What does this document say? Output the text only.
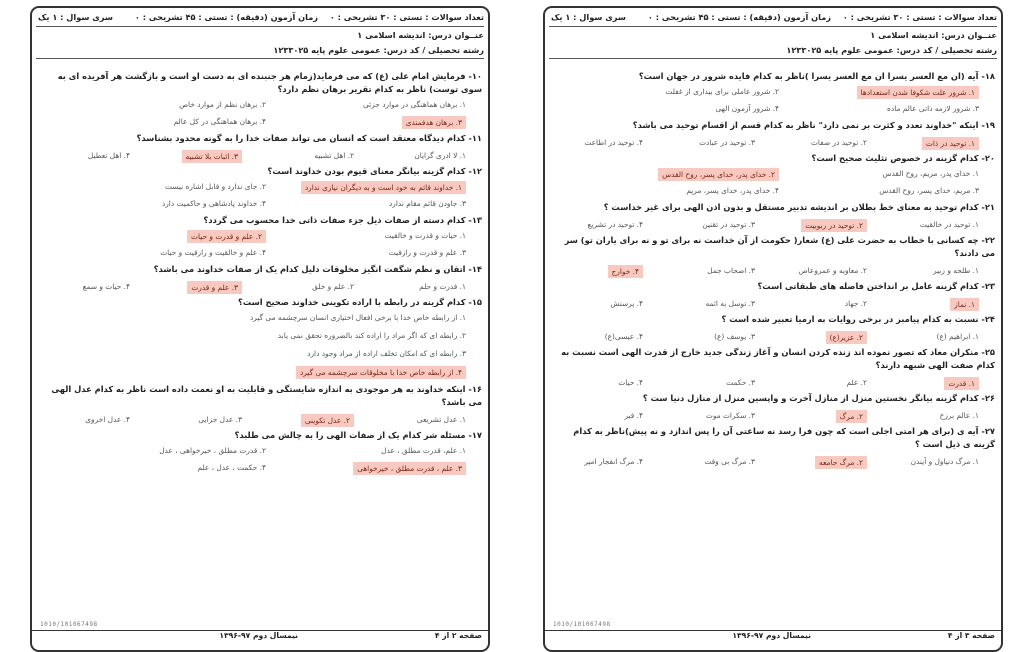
تعداد سوالات : تستی : ۳۰ تشریحی : ۰
زمان آزمون (دقیقه) : تستی : ۴۵ تشریحی : ۰
سری سوال : ۱ یک
عنــوان درس: اندیشه اسلامی ۱
رشته تحصیلی / کد درس: عمومی علوم پایه ۱۲۳۳۰۲۵
۱۸- آیه (ان مع العسر یسرا ان مع العسر یسرا )ناظر به کدام فایده شرور در جهان است؟
۱. شرور علت شکوفا شدن استعدادها
۲. شرور عاملی برای بیداری از غفلت
۳. شرور لازمه ذاتی عالم ماده
۴. شرور آزمون الهی
۱۹- اینکه "خداوند تعدد و کثرت بر نمی دارد" ناظر به کدام قسم از اقسام توحید می باشد؟
۱. توحید در ذات
۲. توحید در صفات
۳. توحید در عبادت
۴. توحید در اطاعت
۲۰- کدام گزینه در خصوص تثلیث صحیح است؟
۱. خدای پدر، مریم، روح القدس
۲. خدای پدر، خدای پسر، روح القدس
۳. مریم، خدای پسر، روح القدس
۴. خدای پدر، خدای پسر، مریم
۲۱- کدام توحید به معنای خط بطلان بر اندیشه تدبیر مستقل و بدون اذن الهی برای غیر خداست ؟
۱. توحید در خالقیت
۲. توحید در ربوبیت
۳. توحید در تقنین
۴. توحید در تشریع
۲۲- چه کسانی با خطاب به حضرت علی (ع) شعار( حکومت از آن خداست نه برای تو و نه برای یاران تو) سر می دادند؟
۱. طلحه و زبیر
۲. معاویه و عمروعاص
۳. اصحاب جمل
۴. خوارج
۲۳- کدام گزینه عامل بر انداختن فاصله های طبقاتی است؟
۱. نماز
۲. جهاد
۳. توسل به ائمه
۴. پرستش
۲۴- نسبت به کدام پیامبر در برخی روایات به ارمیا تعبیر شده است ؟
۱. ابراهیم (ع)
۲. عزیر(ع)
۳. یوسف (ع)
۴. عیسی(ع)
۲۵- منکران معاد که تصور نموده اند زنده کردن انسان و آغاز زندگی جدید خارج از قدرت الهی است نسبت به کدام صفت الهی شبهه دارند؟
۱. قدرت
۲. علم
۳. حکمت
۴. حیات
۲۶- کدام گزینه بیانگر نخستین منزل از منازل آخرت و واپسین منزل از منازل دنیا ست ؟
۱. عالم برزخ
۲. مرگ
۳. سکرات موت
۴. قبر
۲۷- آیه ی (برای هر امتی اجلی است که چون فرا رسد نه ساعتی آن را پس اندازد و نه پیش)ناظر به کدام گزینه ی ذیل است ؟
۱. مرگ دنیاول و آیندن
۲. مرگ جامعه
۳. مرگ بی وقت
۴. مرگ انفجار امیر
1010/101067498
صفحه ۳ از ۴
نیمسال دوم ۹۷-۱۳۹۶
تعداد سوالات : تستی : ۳۰ تشریحی : ۰
زمان آزمون (دقیقه) : تستی : ۴۵ تشریحی : ۰
سری سوال : ۱ یک
عنــوان درس: اندیشه اسلامی ۱
رشته تحصیلی / کد درس: عمومی علوم پایه ۱۲۳۳۰۲۵
۱۰- فرمایش امام علی (ع) که می فرماید(زمام هر جنبنده ای به دست او است و بازگشت هر آفریده ای به سوی توست) ناظر به کدام تقریر برهان نظم دارد؟
۱. برهان هماهنگی در موارد جزئی
۲. برهان نظم از موارد خاص
۳. برهان هدفمندی
۴. برهان هماهنگی در کل عالم
۱۱- کدام دیدگاه معتقد است که انسان می تواند صفات خدا را به گونه محدود بشناسد؟
۱. لا ادری گرایان
۲. اهل تشبیه
۳. اثبات بلا تشبیه
۴. اهل تعطیل
۱۲- کدام گزینه بیانگر معنای قیوم بودن خداوند است؟
۱. خداوند قائم به خود است و به دیگران نیازی ندارد
۲. جای ندارد و قابل اشاره نیست
۳. جاودن قائم مقام ندارد
۴. خداوند پادشاهی و حاکمیت دارد
۱۳- کدام دسته از صفات ذیل جزء صفات ذاتی خدا محسوب می گردد؟
۱. حیات و قدرت و خالقیت
۲. علم و قدرت و حیات
۳. علم و قدرت و رازقیت
۴. علم و خالقیت و رازقیت و حیات
۱۴- اتقان و نظم شگفت انگیز مخلوقات دلیل کدام یک از صفات خداوند می باشد؟
۱. قدرت و حلم
۲. علم و خلق
۳. علم و قدرت
۴. حیات و سمع
۱۵- کدام گزینه در رابطه با اراده تکوینی خداوند صحیح است؟
۱. از رابطه خاص خدا با برخی افعال اختیاری انسان سرچشمه می گیرد
۲. رابطه ای که اگر مراد را اراده کند بالضروره تحقق نمی یابد
۳. رابطه ای که امکان تخلف اراده از مراد وجود دارد
۴. از رابطه خاص خدا با مخلوقات سرچشمه می گیرد
۱۶- اینکه خداوند به هر موجودی به اندازه شایستگی و قابلیت به او نعمت داده است ناظر به کدام عدل الهی می باشد؟
۱. عدل تشریعی
۲. عدل تکوینی
۳. عدل جزایی
۴. عدل اخروی
۱۷- مسئله شر کدام یک از صفات الهی را به چالش می طلبد؟
۱. علم، قدرت مطلق ، عدل
۲. قدرت مطلق ، خیرخواهی ، عدل
۳. علم ، قدرت مطلق ، خیرخواهی
۴. حکمت ، عدل ، علم
1010/101067498
صفحه ۲ از ۴
نیمسال دوم ۹۷-۱۳۹۶
